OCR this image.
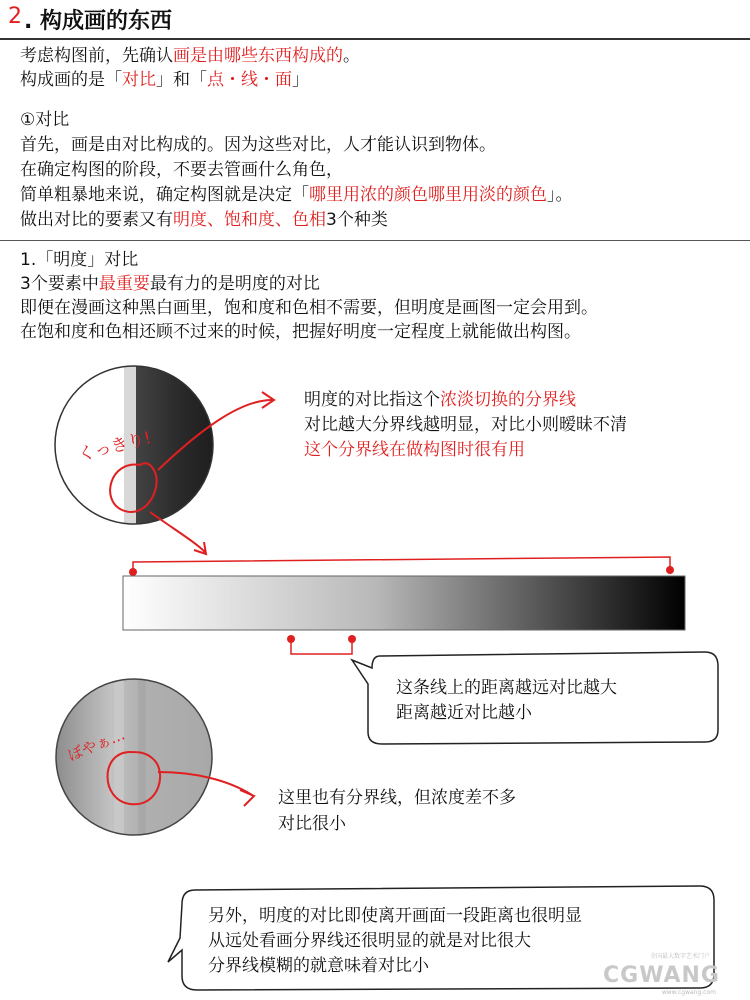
2 . 构成画的东西
考虑构图前，先确认画是由哪些东西构成的。
构成画的是「对比」和「点・线・面」
①对比
首先，画是由对比构成的。因为这些对比，人才能认识到物体。
在确定构图的阶段，不要去管画什么角色，
简单粗暴地来说，确定构图就是决定「哪里用浓的颜色哪里用淡的颜色」。
做出对比的要素又有明度、饱和度、色相3个种类
1.「明度」对比
3个要素中最重要最有力的是明度的对比
即便在漫画这种黑白画里，饱和度和色相不需要，但明度是画图一定会用到。
在饱和度和色相还顾不过来的时候，把握好明度一定程度上就能做出构图。
くっきり!
ぼやぁ…
明度的对比指这个浓淡切换的分界线
对比越大分界线越明显，对比小则暧昧不清
这个分界线在做构图时很有用
这条线上的距离越远对比越大
距离越近对比越小
这里也有分界线，但浓度差不多
对比很小
另外，明度的对比即使离开画面一段距离也很明显
从远处看画分界线还很明显的就是对比很大
分界线模糊的就意味着对比小	全国最大数字艺术门户
CGWANG
www.cgwang.com
